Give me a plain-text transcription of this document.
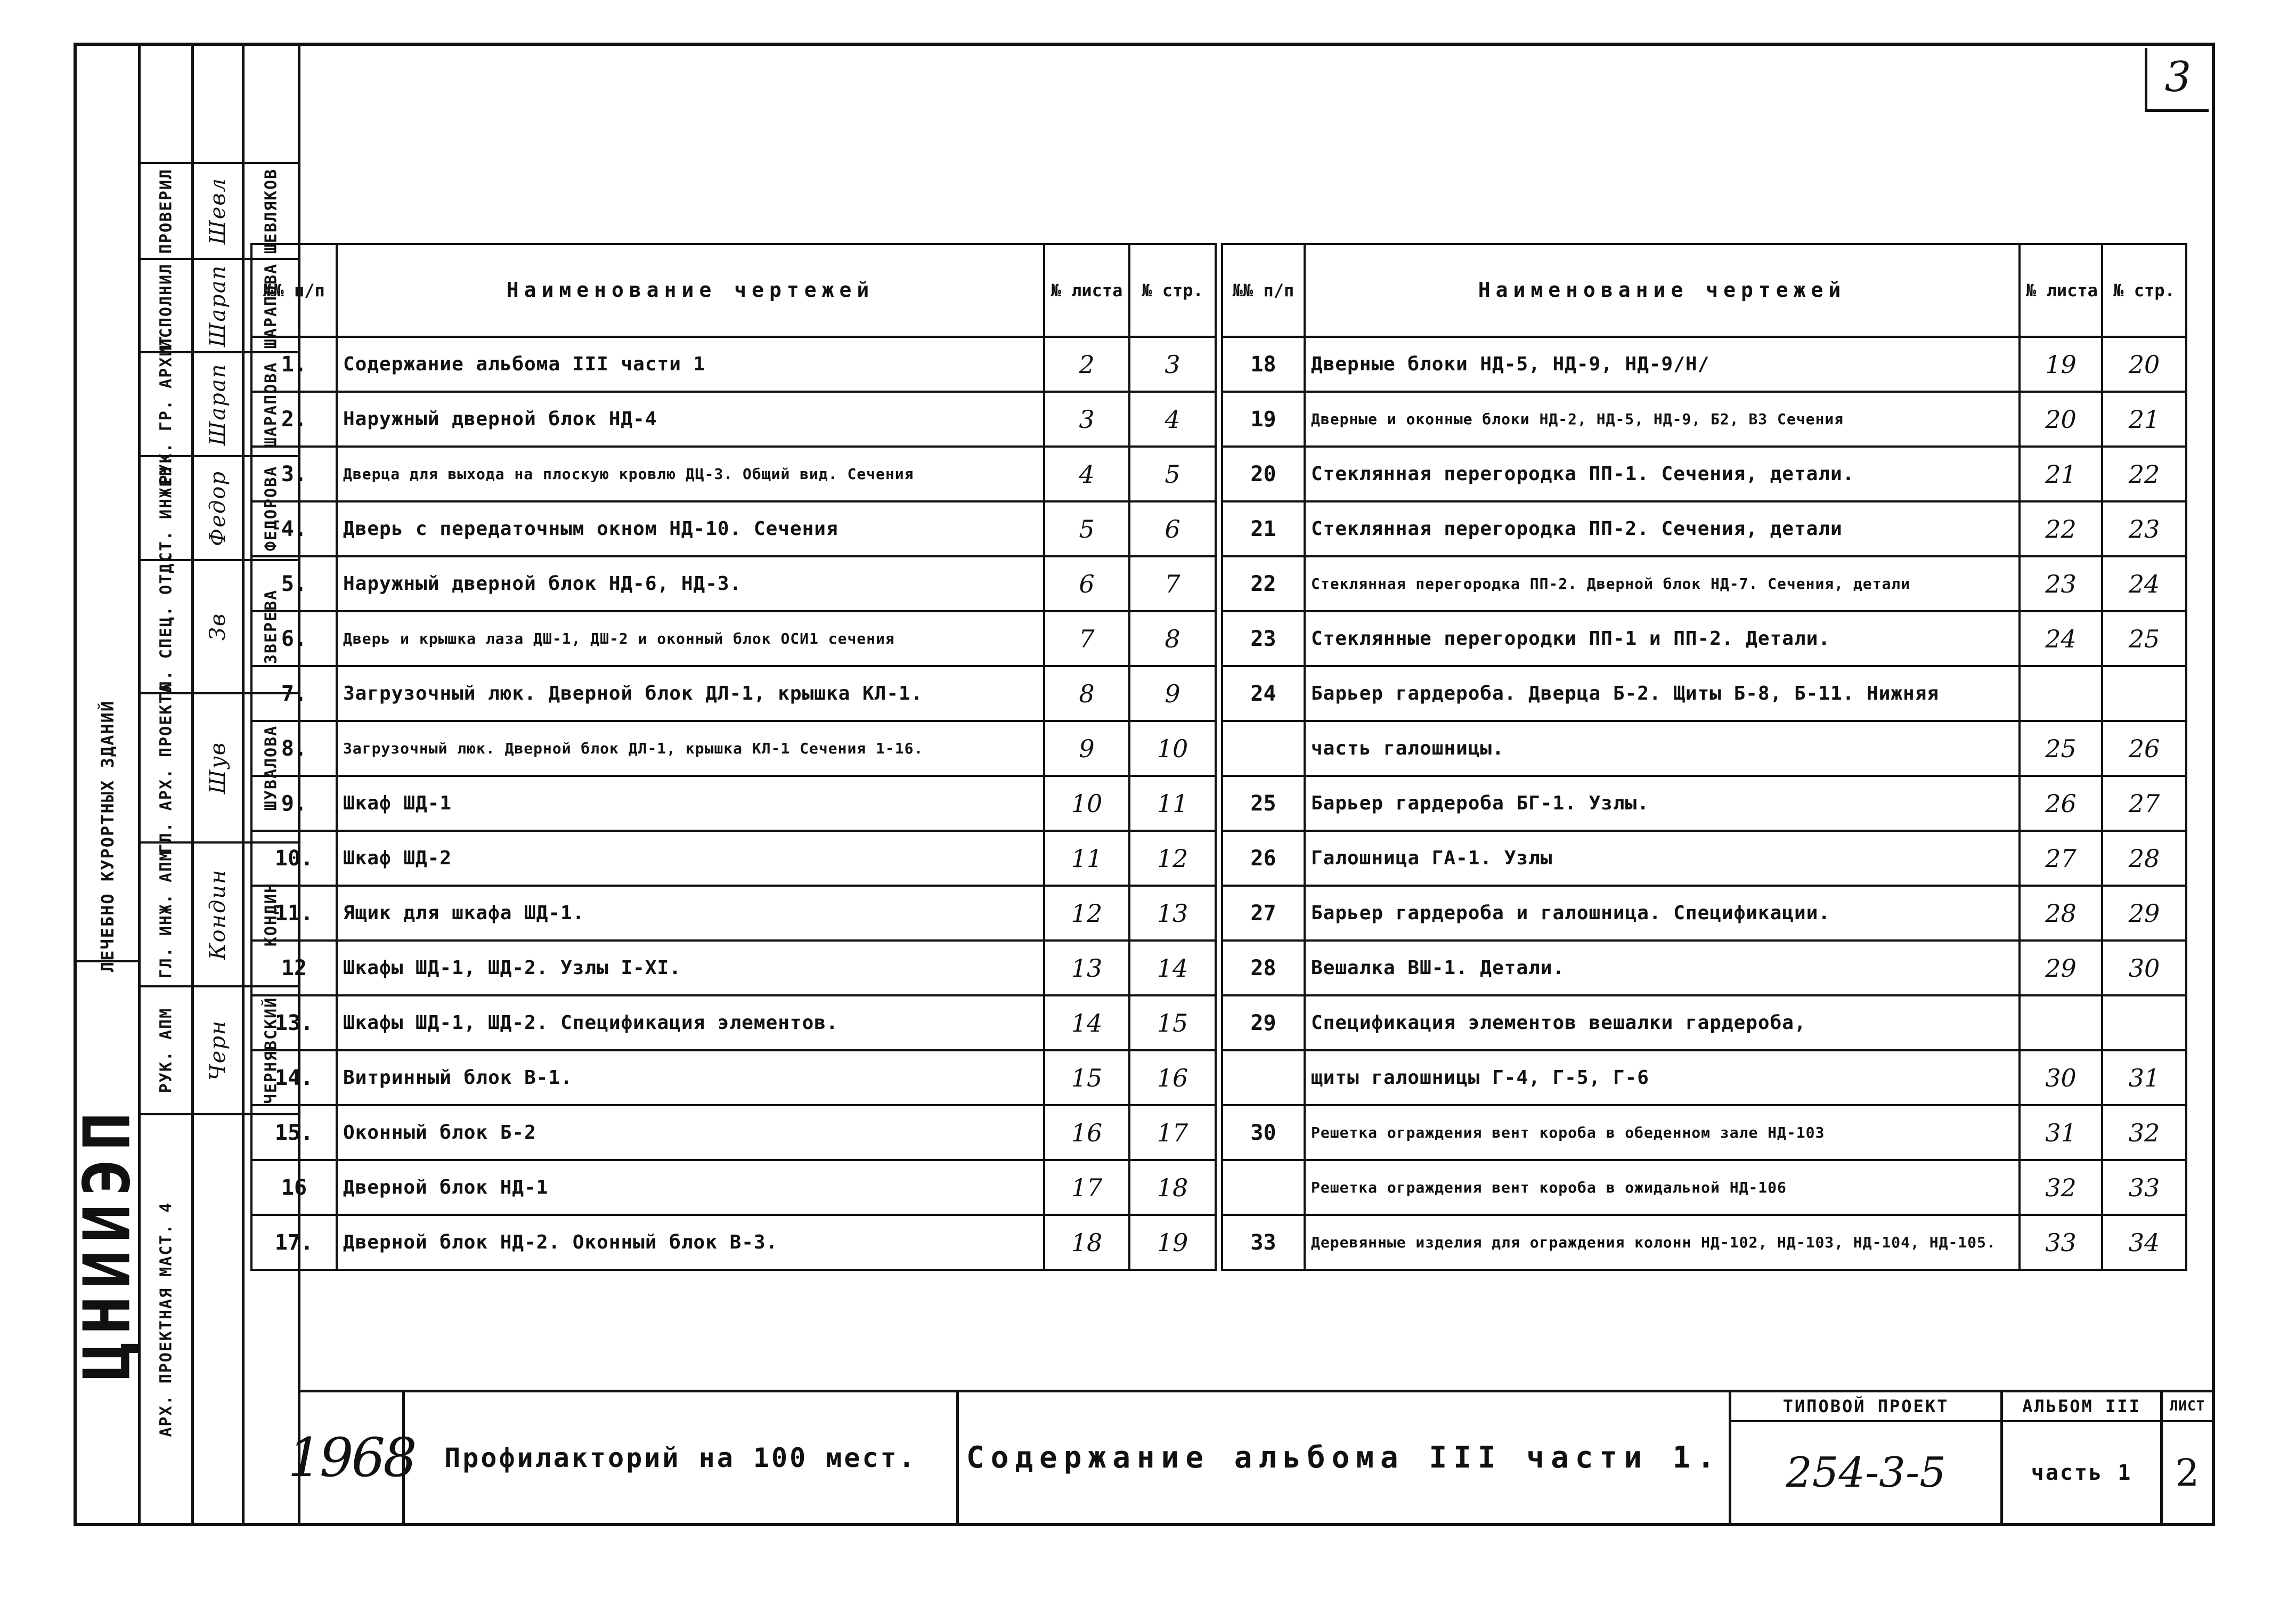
ЛЕЧЕБНО КУРОРТНЫХ ЗДАНИЙ
ЦНИИЭП
ПРОВЕРИЛ
ИСПОЛНИЛ
РУК. ГР. АРХИТ.
СТ. ИНЖЕН.
ГЛ. СПЕЦ. ОТД.
ГЛ. АРХ. ПРОЕКТА
ГЛ. ИНЖ. АПМ
РУК. АПМ
АРХ. ПРОЕКТНАЯ МАСТ. 4
Шевл
Шарап
Шарап
Федор
Зв
Шув
Кондин
Черн
ШЕВЛЯКОВ
ШАРАПОВА
ШАРАПОВА
ФЕДОРОВА
ЗВЕРЕВА
ШУВАЛОВА
КОНДИН
ЧЕРНЯВСКИЙ
3
№№ п/п	Наименование чертежей	№ листа	№ стр.
1.	Содержание альбома III части 1	2	3
2.	Наружный дверной блок НД-4	3	4
3.	Дверца для выхода на плоскую кровлю ДЦ-3. Общий вид. Сечения	4	5
4.	Дверь с передаточным окном НД-10. Сечения	5	6
5.	Наружный дверной блок НД-6, НД-3.	6	7
6.	Дверь и крышка лаза ДШ-1, ДШ-2 и оконный блок ОСИ1 сечения	7	8
7.	Загрузочный люк. Дверной блок ДЛ-1, крышка КЛ-1.	8	9
8.	Загрузочный люк. Дверной блок ДЛ-1, крышка КЛ-1 Сечения 1-16.	9	10
9.	Шкаф ШД-1	10	11
10.	Шкаф ШД-2	11	12
11.	Ящик для шкафа ШД-1.	12	13
12	Шкафы ШД-1, ШД-2. Узлы I-XI.	13	14
13.	Шкафы ШД-1, ШД-2. Спецификация элементов.	14	15
14.	Витринный блок В-1.	15	16
15.	Оконный блок Б-2	16	17
16	Дверной блок НД-1	17	18
17.	Дверной блок НД-2. Оконный блок В-3.	18	19
№№ п/п	Наименование чертежей	№ листа	№ стр.
18	Дверные блоки НД-5, НД-9, НД-9/Н/	19	20
19	Дверные и оконные блоки НД-2, НД-5, НД-9, Б2, В3 Сечения	20	21
20	Стеклянная перегородка ПП-1. Сечения, детали.	21	22
21	Стеклянная перегородка ПП-2. Сечения, детали	22	23
22	Стеклянная перегородка ПП-2. Дверной блок НД-7. Сечения, детали	23	24
23	Стеклянные перегородки ПП-1 и ПП-2. Детали.	24	25
24	Барьер гардероба. Дверца Б-2. Щиты Б-8, Б-11. Нижняя		
	часть галошницы.	25	26
25	Барьер гардероба БГ-1. Узлы.	26	27
26	Галошница ГА-1. Узлы	27	28
27	Барьер гардероба и галошница. Спецификации.	28	29
28	Вешалка ВШ-1. Детали.	29	30
29	Спецификация элементов вешалки гардероба,		
	щиты галошницы Г-4, Г-5, Г-6	30	31
30	Решетка ограждения вент короба в обеденном зале НД-103	31	32
	Решетка ограждения вент короба в ожидальной НД-106	32	33
33	Деревянные изделия для ограждения колонн НД-102, НД-103, НД-104, НД-105.	33	34
1968 Профилакторий на 100 мест. Содержание альбома III части 1.
ТИПОВОЙ ПРОЕКТ
254-3-5
АЛЬБОМ III
часть 1
ЛИСТ
2
